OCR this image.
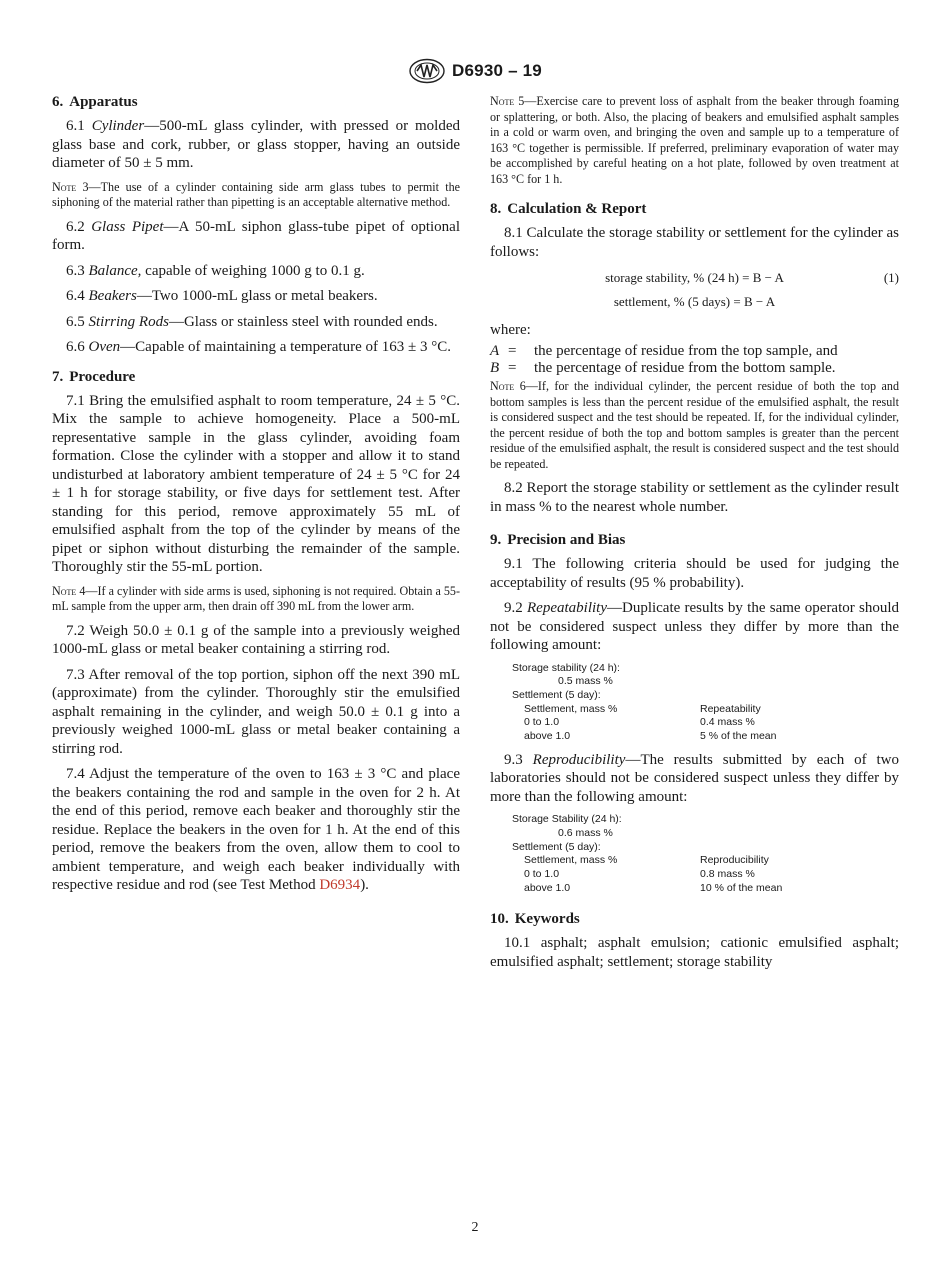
D6930 – 19
6. Apparatus

6.1 Cylinder—500-mL glass cylinder, with pressed or molded glass base and cork, rubber, or glass stopper, having an outside diameter of 50 ± 5 mm.

Note 3—The use of a cylinder containing side arm glass tubes to permit the siphoning of the material rather than pipetting is an acceptable alternative method.

6.2 Glass Pipet—A 50-mL siphon glass-tube pipet of optional form.

6.3 Balance, capable of weighing 1000 g to 0.1 g.

6.4 Beakers—Two 1000-mL glass or metal beakers.

6.5 Stirring Rods—Glass or stainless steel with rounded ends.

6.6 Oven—Capable of maintaining a temperature of 163 ± 3 °C.

7. Procedure

7.1 Bring the emulsified asphalt to room temperature, 24 ± 5 °C. Mix the sample to achieve homogeneity. Place a 500-mL representative sample in the glass cylinder, avoiding foam formation. Close the cylinder with a stopper and allow it to stand undisturbed at laboratory ambient temperature of 24 ± 5 °C for 24 ± 1 h for storage stability, or five days for settlement test. After standing for this period, remove approximately 55 mL of emulsified asphalt from the top of the cylinder by means of the pipet or siphon without disturbing the remainder of the sample. Thoroughly stir the 55-mL portion.

Note 4—If a cylinder with side arms is used, siphoning is not required. Obtain a 55-mL sample from the upper arm, then drain off 390 mL from the lower arm.

7.2 Weigh 50.0 ± 0.1 g of the sample into a previously weighed 1000-mL glass or metal beaker containing a stirring rod.

7.3 After removal of the top portion, siphon off the next 390 mL (approximate) from the cylinder. Thoroughly stir the emulsified asphalt remaining in the cylinder, and weigh 50.0 ± 0.1 g into a previously weighed 1000-mL glass or metal beaker containing a stirring rod.

7.4 Adjust the temperature of the oven to 163 ± 3 °C and place the beakers containing the rod and sample in the oven for 2 h. At the end of this period, remove each beaker and thoroughly stir the residue. Replace the beakers in the oven for 1 h. At the end of this period, remove the beakers from the oven, allow them to cool to ambient temperature, and weigh each beaker individually with respective residue and rod (see Test Method D6934).

Note 5—Exercise care to prevent loss of asphalt from the beaker through foaming or splattering, or both. Also, the placing of beakers and emulsified asphalt samples in a cold or warm oven, and bringing the oven and sample up to a temperature of 163 °C together is permissible. If preferred, preliminary evaporation of water may be accomplished by careful heating on a hot plate, followed by oven treatment at 163 °C for 1 h.

8. Calculation & Report

8.1 Calculate the storage stability or settlement for the cylinder as follows:

storage stability, % (24 h) = B − A	(1)
settlement, % (5 days) = B − A
where:
A =	the percentage of residue from the top sample, and
B =	the percentage of residue from the bottom sample.

Note 6—If, for the individual cylinder, the percent residue of both the top and bottom samples is less than the percent residue of the emulsified asphalt, the result is considered suspect and the test should be repeated. If, for the individual cylinder, the percent residue of both the top and bottom samples is greater than the percent residue of the emulsified asphalt, the result is considered suspect and the test should be repeated.

8.2 Report the storage stability or settlement as the cylinder result in mass % to the nearest whole number.

9. Precision and Bias

9.1 The following criteria should be used for judging the acceptability of results (95 % probability).

9.2 Repeatability—Duplicate results by the same operator should not be considered suspect unless they differ by more than the following amount:

Storage stability (24 h):
0.5 mass %
Settlement (5 day):
Settlement, mass %	Repeatability
0 to 1.0	0.4 mass %
above 1.0	5 % of the mean

9.3 Reproducibility—The results submitted by each of two laboratories should not be considered suspect unless they differ by more than the following amount:

Storage Stability (24 h):
0.6 mass %
Settlement (5 day):
Settlement, mass %	Reproducibility
0 to 1.0	0.8 mass %
above 1.0	10 % of the mean
10. Keywords

10.1 asphalt; asphalt emulsion; cationic emulsified asphalt; emulsified asphalt; settlement; storage stability

2
